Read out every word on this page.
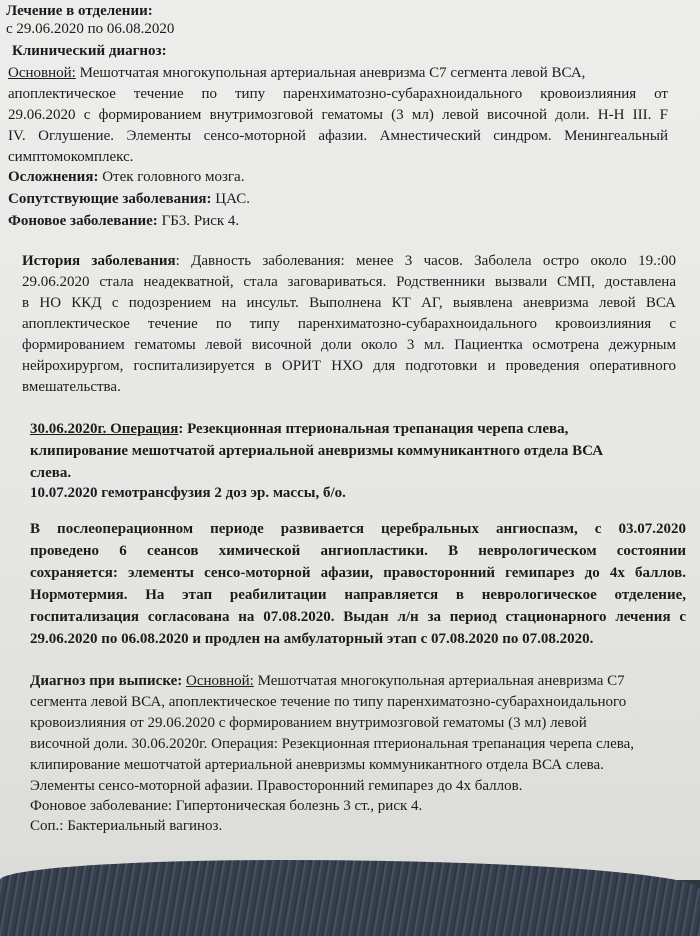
Лечение в отделении:
с 29.06.2020 по 06.08.2020
Клинический диагноз:
Основной: Мешотчатая многокупольная артериальная аневризма С7 сегмента левой ВСА,
апоплектическое течение по типу паренхиматозно-субарахноидального кровоизлияния от
29.06.2020 с формированием внутримозговой гематомы (3 мл) левой височной доли. Н-Н III. F
IV. Оглушение. Элементы сенсо-моторной афазии. Амнестический синдром. Менингеальный
симптомокомплекс.
Осложнения: Отек головного мозга.
Сопутствующие заболевания: ЦАС.
Фоновое заболевание: ГБ3. Риск 4.
История заболевания: Давность заболевания: менее 3 часов. Заболела остро около 19.:00
29.06.2020 стала неадекватной, стала заговариваться. Родственники вызвали СМП, доставлена
в НО ККД с подозрением на инсульт. Выполнена КТ АГ, выявлена аневризма левой ВСА
апоплектическое течение по типу паренхиматозно-субарахноидального кровоизлияния с
формированием гематомы левой височной доли около 3 мл. Пациентка осмотрена дежурным
нейрохирургом, госпитализируется в ОРИТ НХО для подготовки и проведения оперативного
вмешательства.
30.06.2020г. Операция: Резекционная птериональная трепанация черепа слева,
клипирование мешотчатой артериальной аневризмы коммуникантного отдела ВСА
слева.
10.07.2020 гемотрансфузия 2 доз эр. массы, б/о.
В послеоперационном периоде развивается церебральных ангиоспазм, с 03.07.2020
проведено 6 сеансов химической ангиопластики. В неврологическом состоянии
сохраняется: элементы сенсо-моторной афазии, правосторонний гемипарез до 4х баллов.
Нормотермия. На этап реабилитации направляется в неврологическое отделение,
госпитализация согласована на 07.08.2020. Выдан л/н за период стационарного лечения с
29.06.2020 по 06.08.2020 и продлен на амбулаторный этап с 07.08.2020 по 07.08.2020.
Диагноз при выписке: Основной: Мешотчатая многокупольная артериальная аневризма С7
сегмента левой ВСА, апоплектическое течение по типу паренхиматозно-субарахноидального
кровоизлияния от 29.06.2020 с формированием внутримозговой гематомы (3 мл) левой
височной доли. 30.06.2020г. Операция: Резекционная птериональная трепанация черепа слева,
клипирование мешотчатой артериальной аневризмы коммуникантного отдела ВСА слева.
Элементы сенсо-моторной афазии. Правосторонний гемипарез до 4х баллов.
Фоновое заболевание: Гипертоническая болезнь 3 ст., риск 4.
Соп.: Бактериальный вагиноз.
